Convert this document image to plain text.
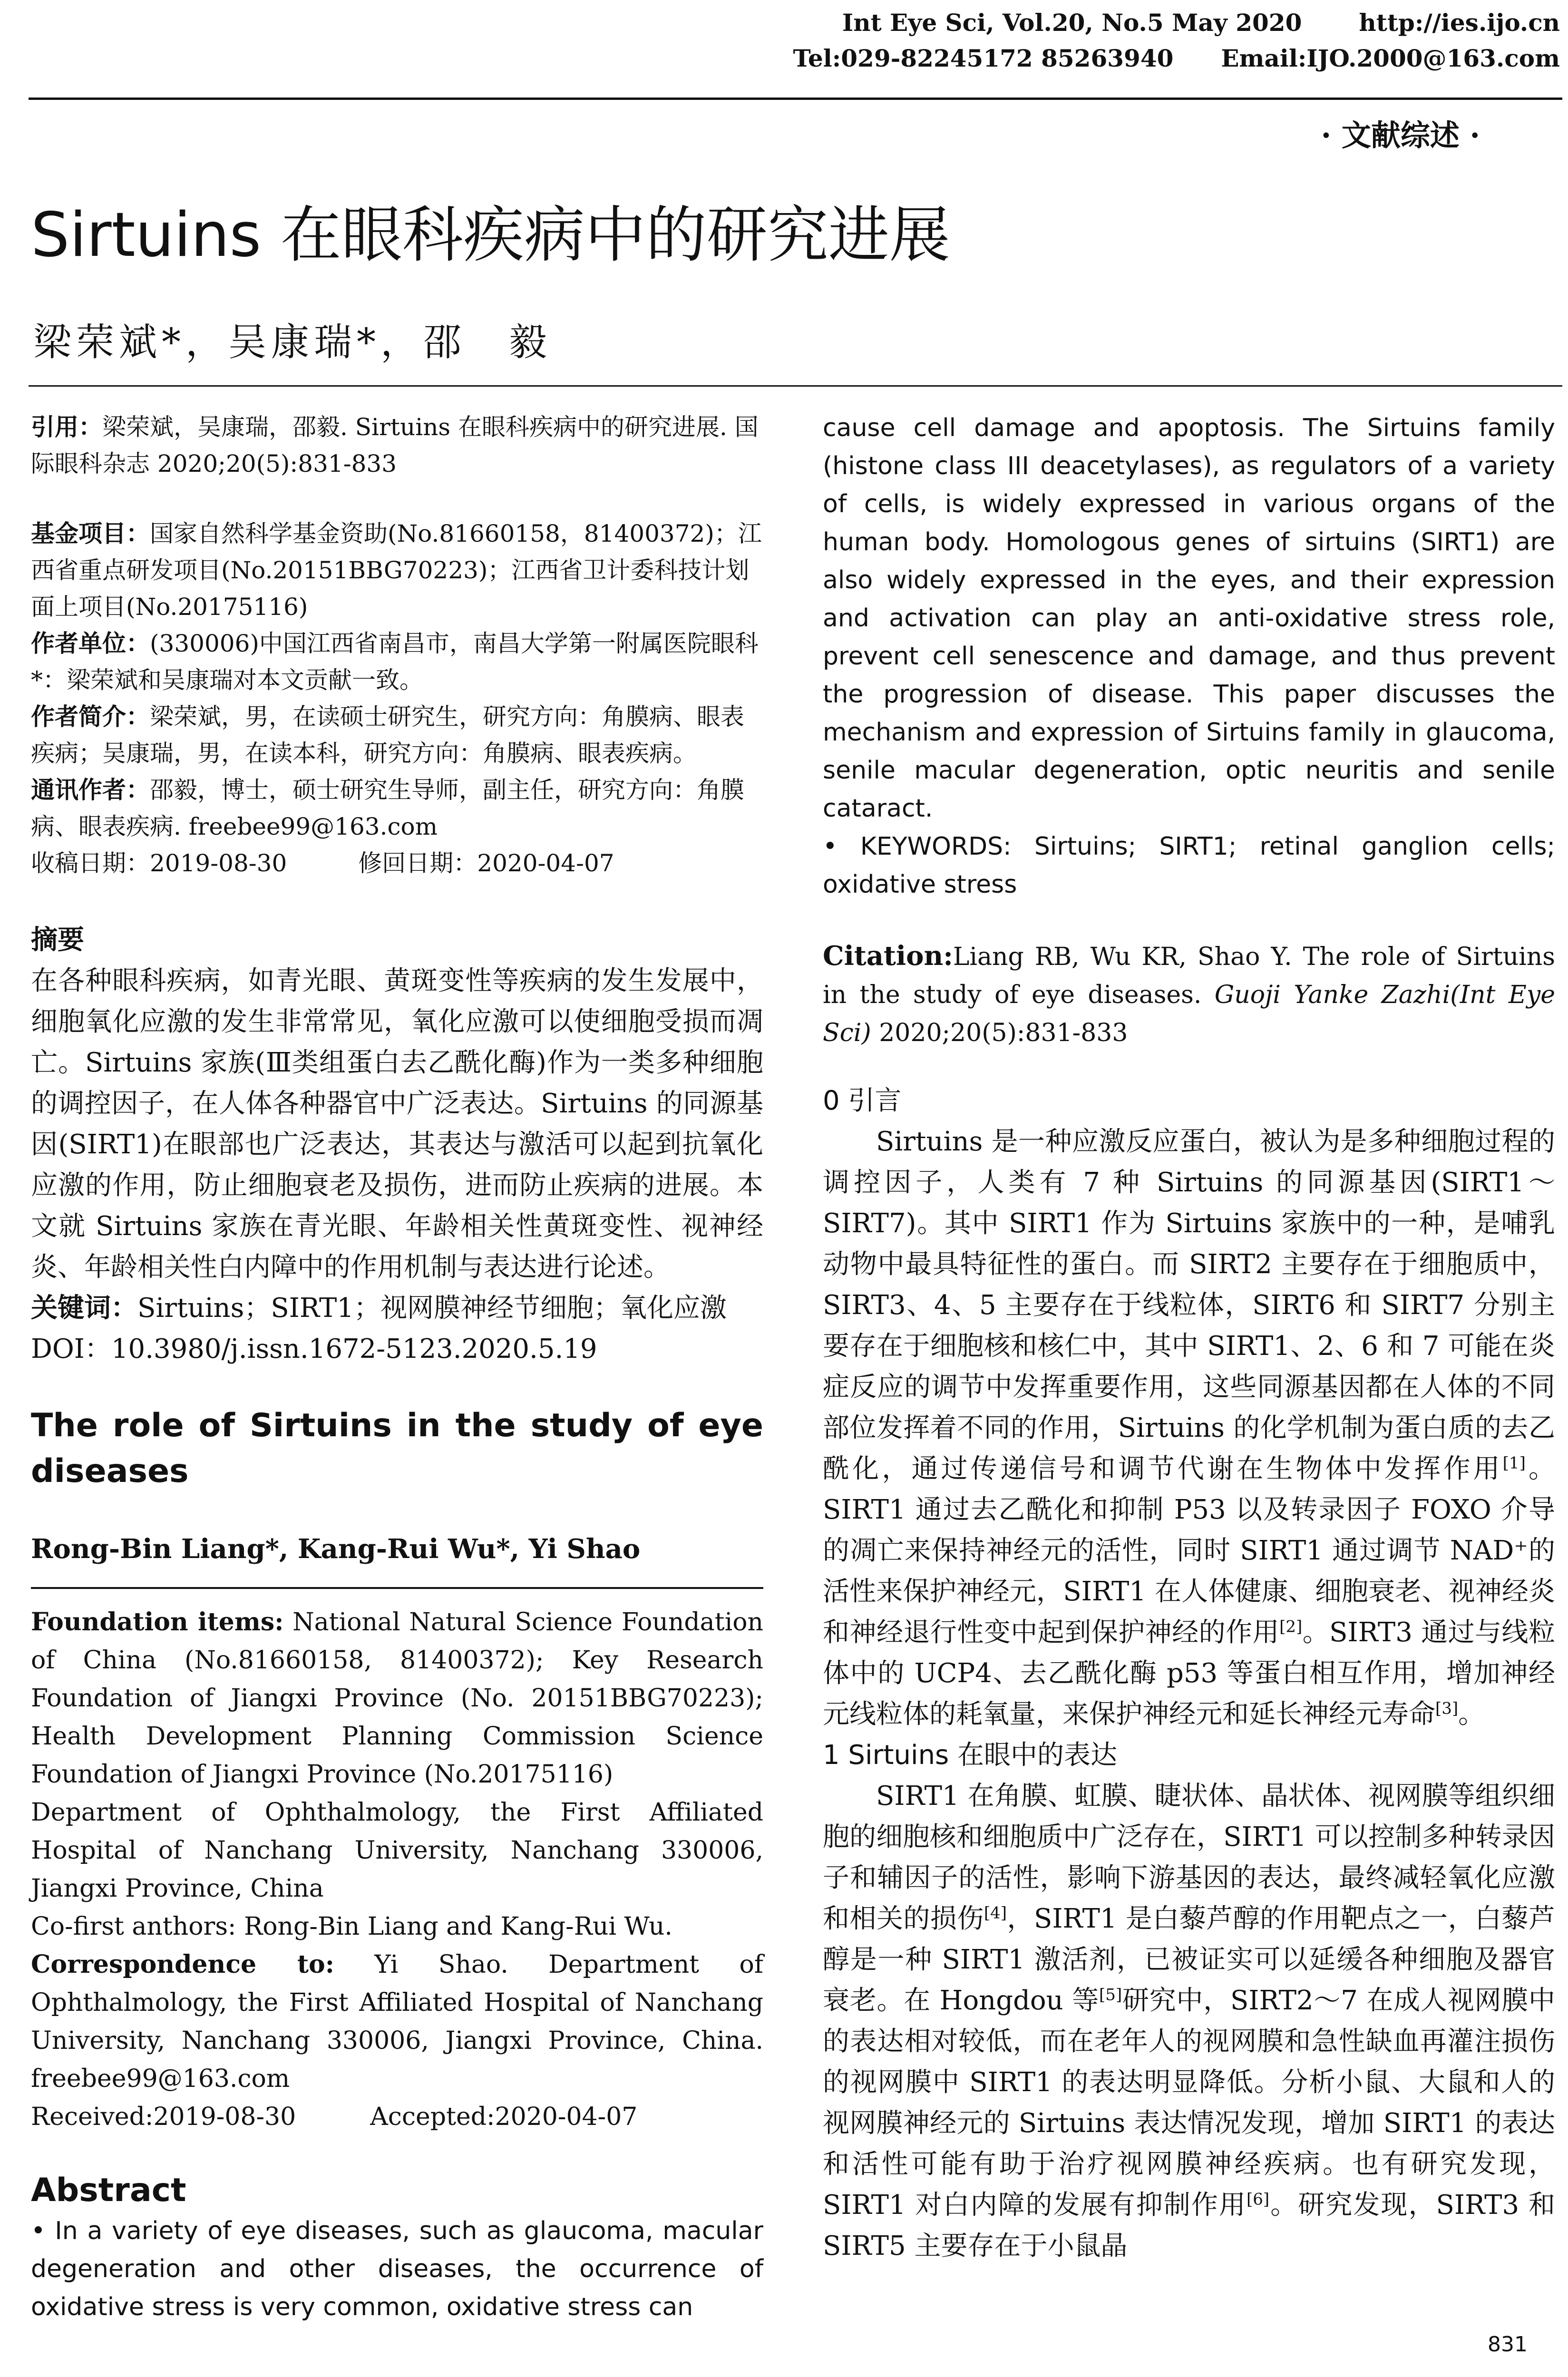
Int Eye Sci, Vol.20, No.5 May 2020 http://ies.ijo.cn
Tel:029-82245172 85263940 Email:IJO.2000@163.com
· 文献综述 ·
Sirtuins 在眼科疾病中的研究进展
梁荣斌*，吴康瑞*，邵　毅

引用：梁荣斌，吴康瑞，邵毅. Sirtuins 在眼科疾病中的研究进展. 国际眼科杂志 2020;20(5):831-833

基金项目：国家自然科学基金资助(No.81660158，81400372)；江西省重点研发项目(No.20151BBG70223)；江西省卫计委科技计划面上项目(No.20175116)

作者单位：(330006)中国江西省南昌市，南昌大学第一附属医院眼科

*：梁荣斌和吴康瑞对本文贡献一致。

作者简介：梁荣斌，男，在读硕士研究生，研究方向：角膜病、眼表疾病；吴康瑞，男，在读本科，研究方向：角膜病、眼表疾病。

通讯作者：邵毅，博士，硕士研究生导师，副主任，研究方向：角膜病、眼表疾病. freebee99@163.com

收稿日期：2019-08-30　　　修回日期：2020-04-07

摘要

在各种眼科疾病，如青光眼、黄斑变性等疾病的发生发展中，细胞氧化应激的发生非常常见，氧化应激可以使细胞受损而凋亡。Sirtuins 家族(Ⅲ类组蛋白去乙酰化酶)作为一类多种细胞的调控因子，在人体各种器官中广泛表达。Sirtuins 的同源基因(SIRT1)在眼部也广泛表达，其表达与激活可以起到抗氧化应激的作用，防止细胞衰老及损伤，进而防止疾病的进展。本文就 Sirtuins 家族在青光眼、年龄相关性黄斑变性、视神经炎、年龄相关性白内障中的作用机制与表达进行论述。

关键词：Sirtuins；SIRT1；视网膜神经节细胞；氧化应激

DOI：10.3980/j.issn.1672-5123.2020.5.19

The role of Sirtuins in the study of eye diseases

Rong-Bin Liang*, Kang-Rui Wu*, Yi Shao

Foundation items: National Natural Science Foundation of China (No.81660158, 81400372); Key Research Foundation of Jiangxi Province (No. 20151BBG70223); Health Development Planning Commission Science Foundation of Jiangxi Province (No.20175116)

Department of Ophthalmology, the First Affiliated Hospital of Nanchang University, Nanchang 330006, Jiangxi Province, China

Co-first anthors: Rong-Bin Liang and Kang-Rui Wu.

Correspondence to: Yi Shao. Department of Ophthalmology, the First Affiliated Hospital of Nanchang University, Nanchang 330006, Jiangxi Province, China. freebee99@163.com

Received:2019-08-30　　　Accepted:2020-04-07

Abstract

• In a variety of eye diseases, such as glaucoma, macular degeneration and other diseases, the occurrence of oxidative stress is very common, oxidative stress can

cause cell damage and apoptosis. The Sirtuins family (histone class III deacetylases), as regulators of a variety of cells, is widely expressed in various organs of the human body. Homologous genes of sirtuins (SIRT1) are also widely expressed in the eyes, and their expression and activation can play an anti-oxidative stress role, prevent cell senescence and damage, and thus prevent the progression of disease. This paper discusses the mechanism and expression of Sirtuins family in glaucoma, senile macular degeneration, optic neuritis and senile cataract.

• KEYWORDS: Sirtuins; SIRT1; retinal ganglion cells; oxidative stress

Citation:Liang RB, Wu KR, Shao Y. The role of Sirtuins in the study of eye diseases. Guoji Yanke Zazhi(Int Eye Sci) 2020;20(5):831-833

0 引言

Sirtuins 是一种应激反应蛋白，被认为是多种细胞过程的调控因子，人类有 7 种 Sirtuins 的同源基因(SIRT1～SIRT7)。其中 SIRT1 作为 Sirtuins 家族中的一种，是哺乳动物中最具特征性的蛋白。而 SIRT2 主要存在于细胞质中，SIRT3、4、5 主要存在于线粒体，SIRT6 和 SIRT7 分别主要存在于细胞核和核仁中，其中 SIRT1、2、6 和 7 可能在炎症反应的调节中发挥重要作用，这些同源基因都在人体的不同部位发挥着不同的作用，Sirtuins 的化学机制为蛋白质的去乙酰化，通过传递信号和调节代谢在生物体中发挥作用[1]。SIRT1 通过去乙酰化和抑制 P53 以及转录因子 FOXO 介导的凋亡来保持神经元的活性，同时 SIRT1 通过调节 NAD⁺的活性来保护神经元，SIRT1 在人体健康、细胞衰老、视神经炎和神经退行性变中起到保护神经的作用[2]。SIRT3 通过与线粒体中的 UCP4、去乙酰化酶 p53 等蛋白相互作用，增加神经元线粒体的耗氧量，来保护神经元和延长神经元寿命[3]。

1 Sirtuins 在眼中的表达

SIRT1 在角膜、虹膜、睫状体、晶状体、视网膜等组织细胞的细胞核和细胞质中广泛存在，SIRT1 可以控制多种转录因子和辅因子的活性，影响下游基因的表达，最终减轻氧化应激和相关的损伤[4]，SIRT1 是白藜芦醇的作用靶点之一，白藜芦醇是一种 SIRT1 激活剂，已被证实可以延缓各种细胞及器官衰老。在 Hongdou 等[5]研究中，SIRT2～7 在成人视网膜中的表达相对较低，而在老年人的视网膜和急性缺血再灌注损伤的视网膜中 SIRT1 的表达明显降低。分析小鼠、大鼠和人的视网膜神经元的 Sirtuins 表达情况发现，增加 SIRT1 的表达和活性可能有助于治疗视网膜神经疾病。也有研究发现，SIRT1 对白内障的发展有抑制作用[6]。研究发现，SIRT3 和 SIRT5 主要存在于小鼠晶

831
